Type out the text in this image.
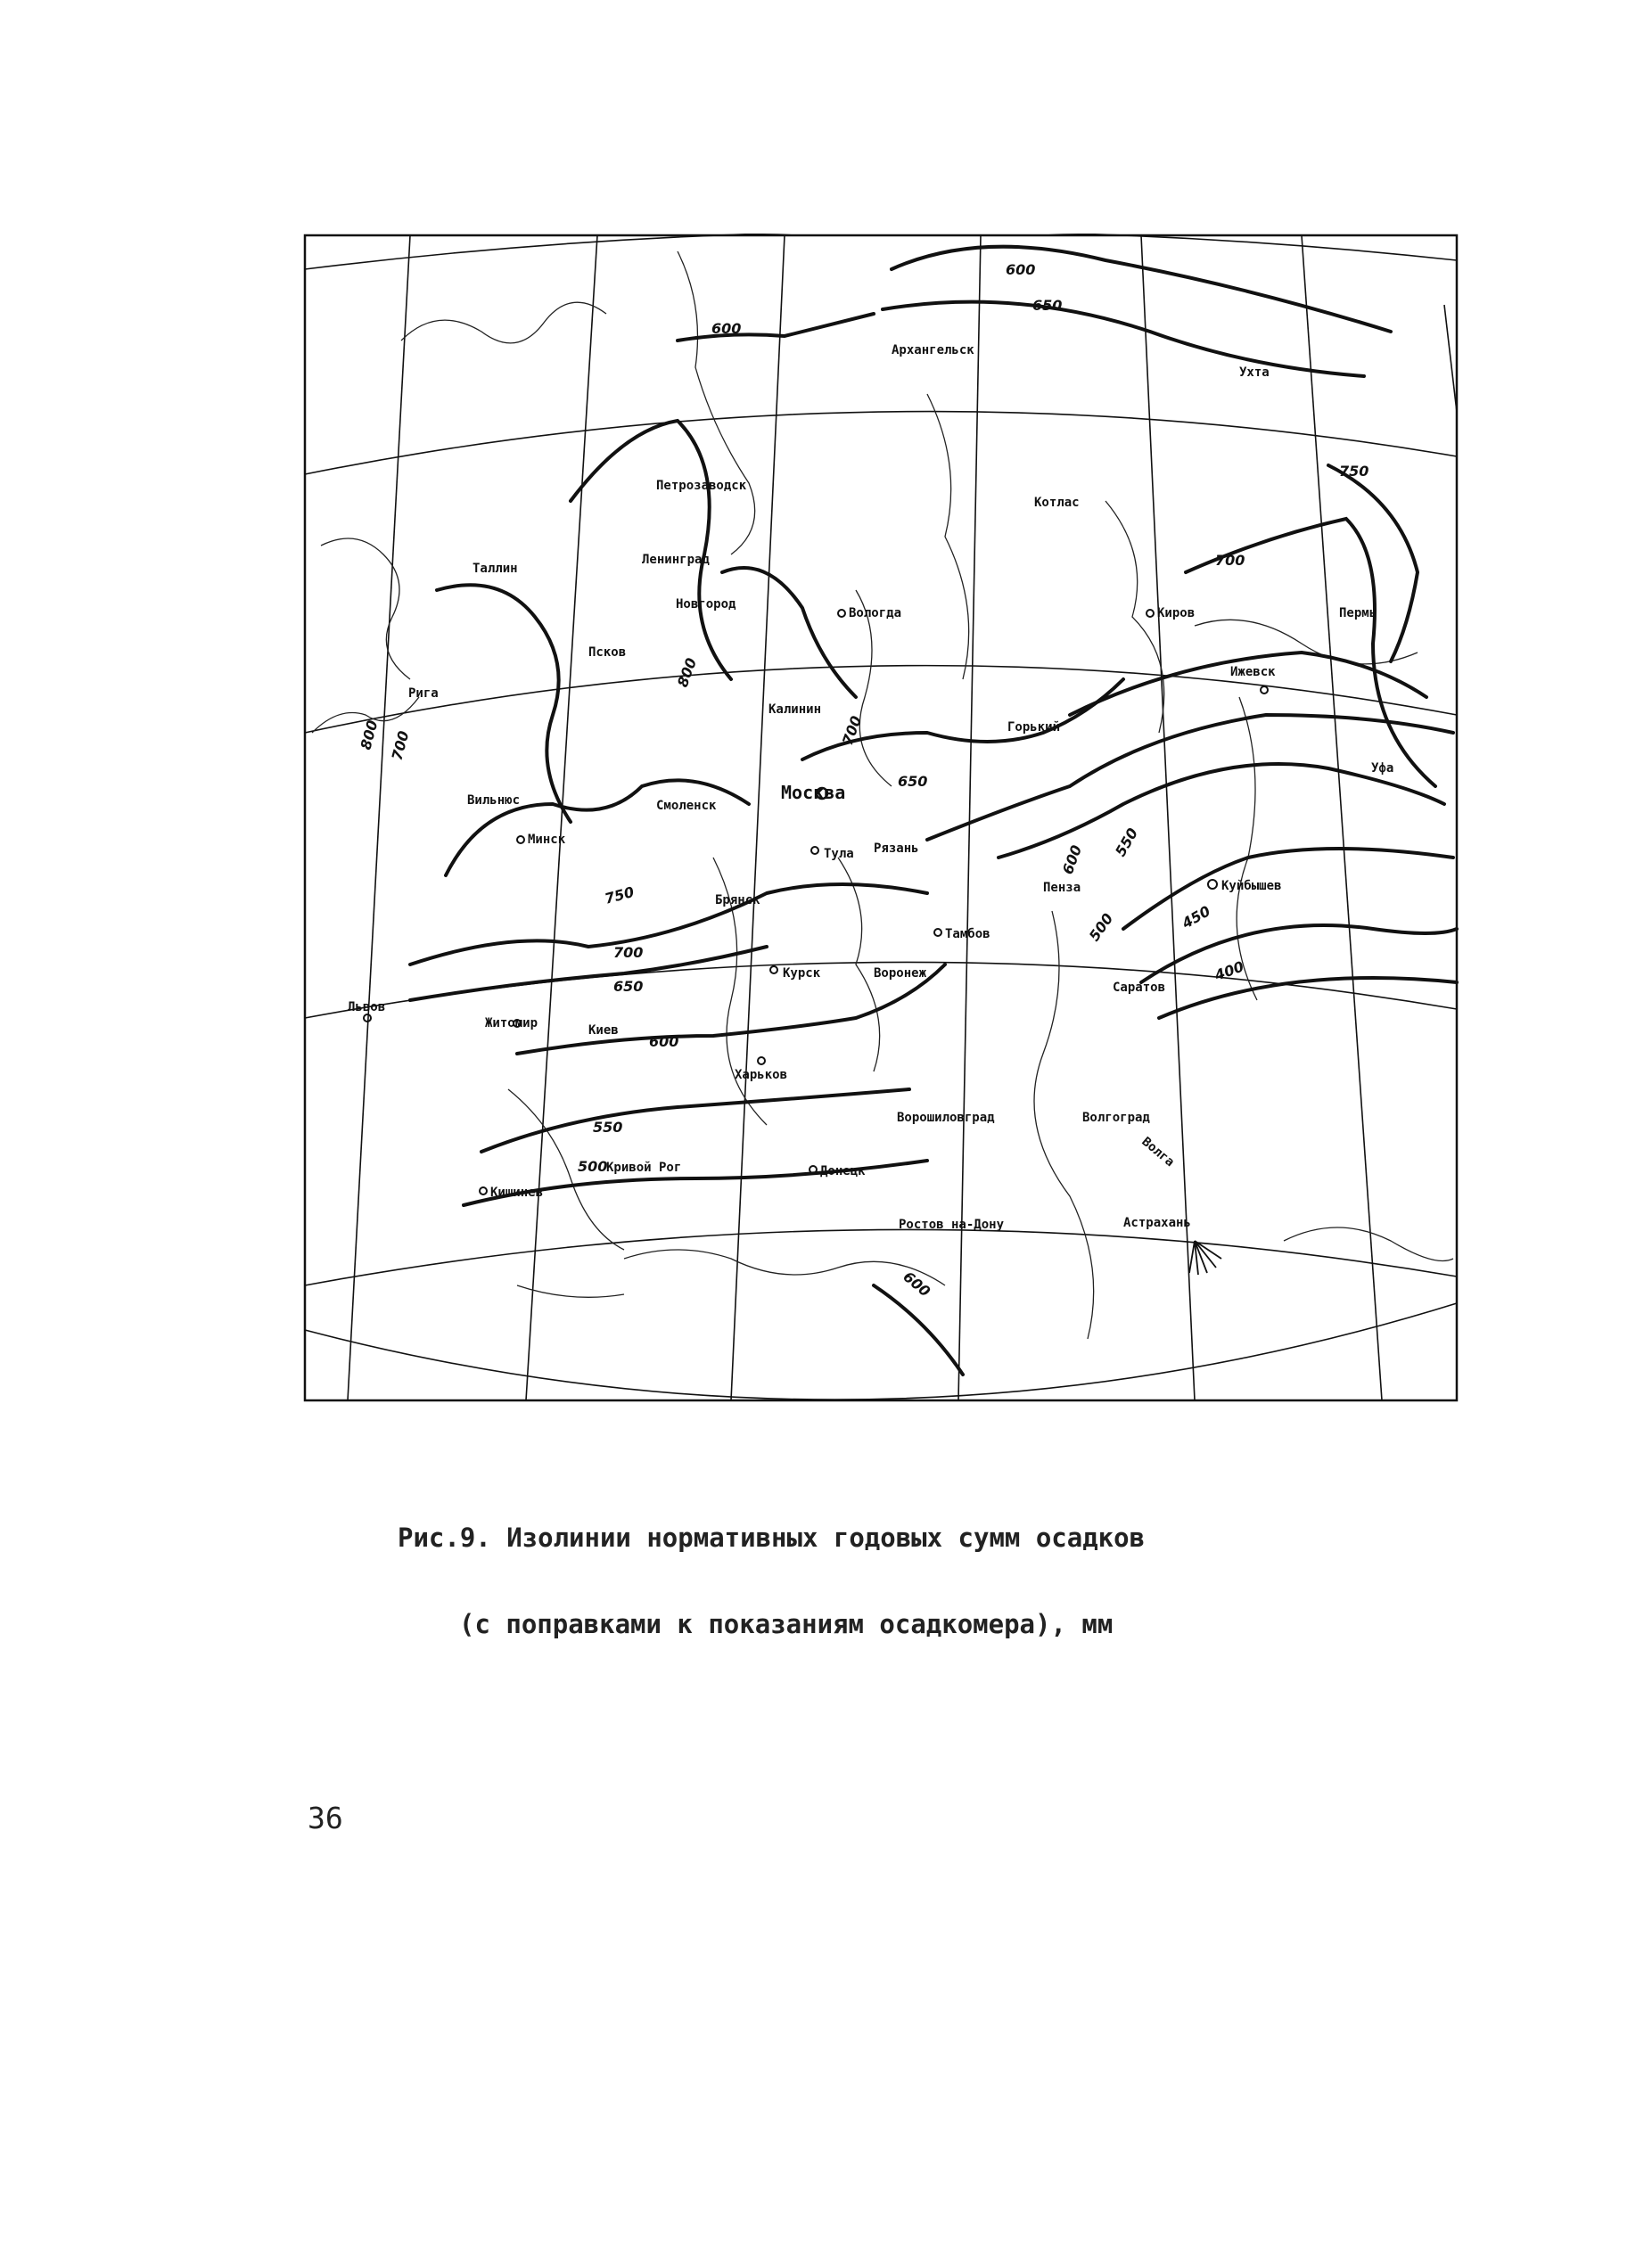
600
650
600
750
700
800
700
650
800 700
600
550
500	450
400
750
700
650
600
550
500
600
Архангельск
Ухта
Петрозаводск
Котлас
Ленинград
Таллин
Новгород
Вологда	Киров	Пермь
Псков
Рига
Калинин
Ижевск
Горький
Уфа
Вильнюс	Смоленск
Москва
Минск
Тула Рязань
Пенза	Куйбышев
Брянск
Тамбов
Курск	Воронеж
Саратов
Львов
Житомир	Киев
Харьков
Ворошиловград	Волгоград
Кривой Рог	Донецк
Кишинев
Ростов на-Дону	Астрахань
Волга
Рис.9. Изолинии нормативных годовых сумм осадков
(с поправками к показаниям осадкомера), мм
36
